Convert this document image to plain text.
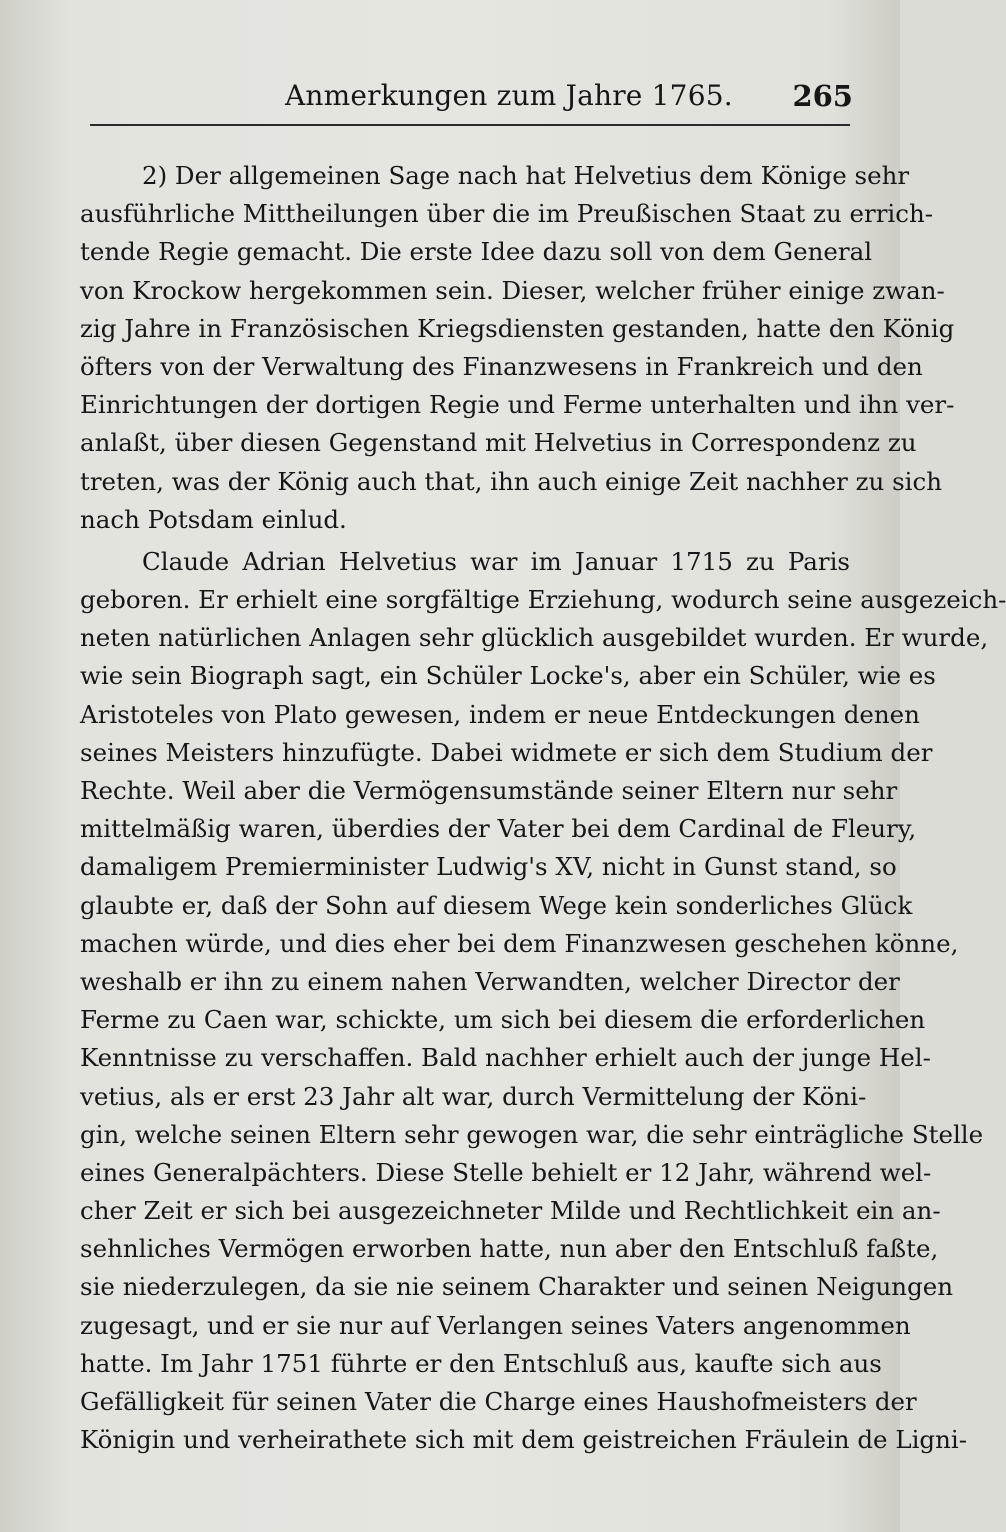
Anmerkungen zum Jahre 1765. 265
2) Der allgemeinen Sage nach hat Helvetius dem Könige sehr
ausführliche Mittheilungen über die im Preußischen Staat zu errich-
tende Regie gemacht. Die erste Idee dazu soll von dem General
von Krockow hergekommen sein. Dieser, welcher früher einige zwan-
zig Jahre in Französischen Kriegsdiensten gestanden, hatte den König
öfters von der Verwaltung des Finanzwesens in Frankreich und den
Einrichtungen der dortigen Regie und Ferme unterhalten und ihn ver-
anlaßt, über diesen Gegenstand mit Helvetius in Correspondenz zu
treten, was der König auch that, ihn auch einige Zeit nachher zu sich
nach Potsdam einlud.
Claude Adrian Helvetius war im Januar 1715 zu Paris
geboren. Er erhielt eine sorgfältige Erziehung, wodurch seine ausgezeich-
neten natürlichen Anlagen sehr glücklich ausgebildet wurden. Er wurde,
wie sein Biograph sagt, ein Schüler Locke's, aber ein Schüler, wie es
Aristoteles von Plato gewesen, indem er neue Entdeckungen denen
seines Meisters hinzufügte. Dabei widmete er sich dem Studium der
Rechte. Weil aber die Vermögensumstände seiner Eltern nur sehr
mittelmäßig waren, überdies der Vater bei dem Cardinal de Fleury,
damaligem Premierminister Ludwig's XV, nicht in Gunst stand, so
glaubte er, daß der Sohn auf diesem Wege kein sonderliches Glück
machen würde, und dies eher bei dem Finanzwesen geschehen könne,
weshalb er ihn zu einem nahen Verwandten, welcher Director der
Ferme zu Caen war, schickte, um sich bei diesem die erforderlichen
Kenntnisse zu verschaffen. Bald nachher erhielt auch der junge Hel-
vetius, als er erst 23 Jahr alt war, durch Vermittelung der Köni-
gin, welche seinen Eltern sehr gewogen war, die sehr einträgliche Stelle
eines Generalpächters. Diese Stelle behielt er 12 Jahr, während wel-
cher Zeit er sich bei ausgezeichneter Milde und Rechtlichkeit ein an-
sehnliches Vermögen erworben hatte, nun aber den Entschluß faßte,
sie niederzulegen, da sie nie seinem Charakter und seinen Neigungen
zugesagt, und er sie nur auf Verlangen seines Vaters angenommen
hatte. Im Jahr 1751 führte er den Entschluß aus, kaufte sich aus
Gefälligkeit für seinen Vater die Charge eines Haushofmeisters der
Königin und verheirathete sich mit dem geistreichen Fräulein de Ligni-
